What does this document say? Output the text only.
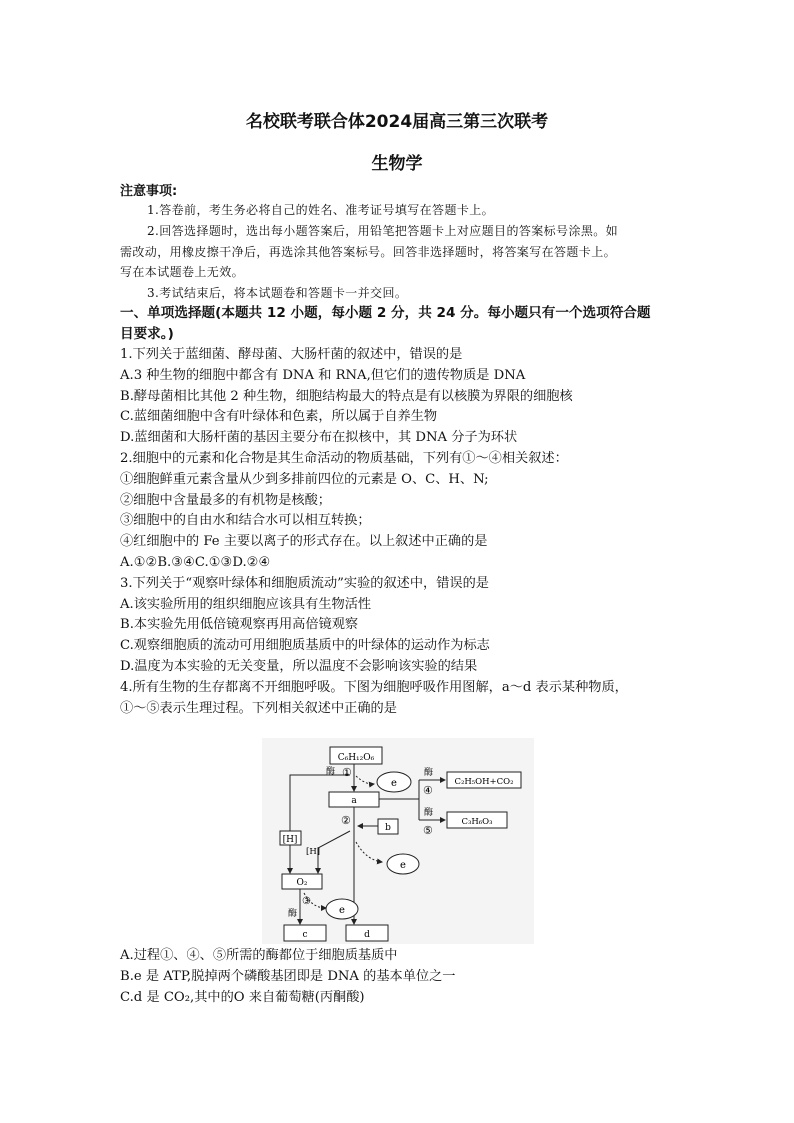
名校联考联合体2024届高三第三次联考
生物学
注意事项:
1.答卷前，考生务必将自己的姓名、准考证号填写在答题卡上。
2.回答选择题时，选出每小题答案后，用铅笔把答题卡上对应题目的答案标号涂黑。如
需改动，用橡皮擦干净后，再选涂其他答案标号。回答非选择题时，将答案写在答题卡上。
写在本试题卷上无效。
3.考试结束后，将本试题卷和答题卡一并交回。
一、单项选择题(本题共 12 小题，每小题 2 分，共 24 分。每小题只有一个选项符合题
目要求。)
1.下列关于蓝细菌、酵母菌、大肠杆菌的叙述中，错误的是
A.3 种生物的细胞中都含有 DNA 和 RNA,但它们的遗传物质是 DNA
B.酵母菌相比其他 2 种生物，细胞结构最大的特点是有以核膜为界限的细胞核
C.蓝细菌细胞中含有叶绿体和色素，所以属于自养生物
D.蓝细菌和大肠杆菌的基因主要分布在拟核中，其 DNA 分子为环状
2.细胞中的元素和化合物是其生命活动的物质基础，下列有①～④相关叙述：
①细胞鲜重元素含量从少到多排前四位的元素是 O、C、H、N;
②细胞中含量最多的有机物是核酸；
③细胞中的自由水和结合水可以相互转换；
④红细胞中的 Fe 主要以离子的形式存在。以上叙述中正确的是
A.①②B.③④C.①③D.②④
3.下列关于“观察叶绿体和细胞质流动”实验的叙述中，错误的是
A.该实验所用的组织细胞应该具有生物活性
B.本实验先用低倍镜观察再用高倍镜观察
C.观察细胞质的流动可用细胞质基质中的叶绿体的运动作为标志
D.温度为本实验的无关变量，所以温度不会影响该实验的结果
4.所有生物的生存都离不开细胞呼吸。下图为细胞呼吸作用图解，a～d 表示某种物质，
①～⑤表示生理过程。下列相关叙述中正确的是
C₆H₁₂O₆
①
酶
e
[H]
a
酶
④
酶
⑤
C₂H₅OH+CO₂
C₃H₆O₃
②
b
[H]
e
O₂
酶
③
e
c	d
A.过程①、④、⑤所需的酶都位于细胞质基质中
B.e 是 ATP,脱掉两个磷酸基团即是 DNA 的基本单位之一
C.d 是 CO₂,其中的O 来自葡萄糖(丙酮酸)
